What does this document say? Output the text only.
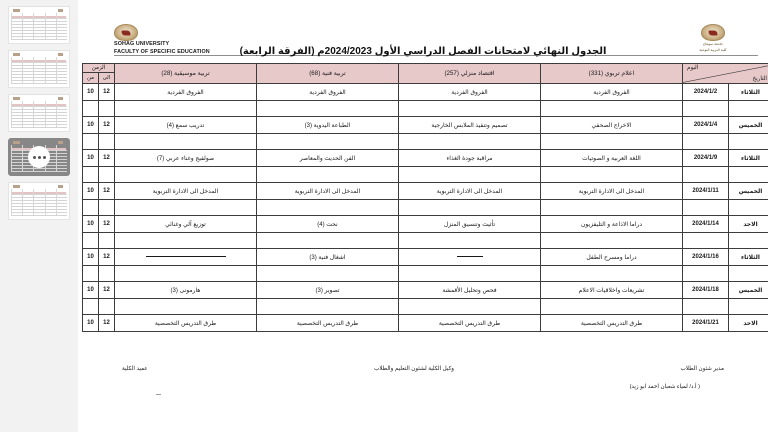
جامعة سوهاج
كلية التربية النوعية
SOHAG UNIVERSITY
FACULTY OF SPECIFIC EDUCATION	الجدول النهائي لامتحانات الفصل الدراسي الأول 2024/2023م (الفرقة الرابعة)
اليوم
التاريخ
	اعلام تربوي (331)	اقتصاد منزلي (257)	تربية فنية (68)	تربية موسيقية (28)	
الزمن
الى
من

الثلاثاء	2024/1/2	الفروق الفردية	الفروق الفردية	الفروق الفردية	الفروق الفردية	12	10

الخميس	2024/1/4	الاخراج الصحفي	تصميم وتنفيذ الملابس الخارجية	الطباعة اليدوية (3)	تدريب سمع (4)	12	10

الثلاثاء	2024/1/9	اللغة العربية و الصوتيات	مراقبة جودة الغذاء	الفن الحديث والمعاصر	صولفيج وغناء عربي (7)	12	10

الخميس	2024/1/11	المدخل الى الادارة التربوية	المدخل الى الادارة التربوية	المدخل الى الادارة التربوية	المدخل الى الادارة التربوية	12	10

الاحد	2024/1/14	دراما الاذاعة و التليفزيون	تأثيث وتنسيق المنزل	نحت (4)	توزيع آلي وغنائي	12	10

الثلاثاء	2024/1/16	دراما ومسرح الطفل		اشغال فنية (3)		12	10

الخميس	2024/1/18	تشريعات واخلاقيات الاعلام	فحص وتحليل الأقمشة	تصوير (3)	هارمونى (3)	12	10

الاحد	2024/1/21	طرق التدريس التخصصية	طرق التدريس التخصصية	طرق التدريس التخصصية	طرق التدريس التخصصية	12	10
مدير شئون الطلاب
وكيل الكلية لشئون التعليم والطلاب
عميد الكلية
( أ.د/ لمياء شعبان احمد ابو زيد)
